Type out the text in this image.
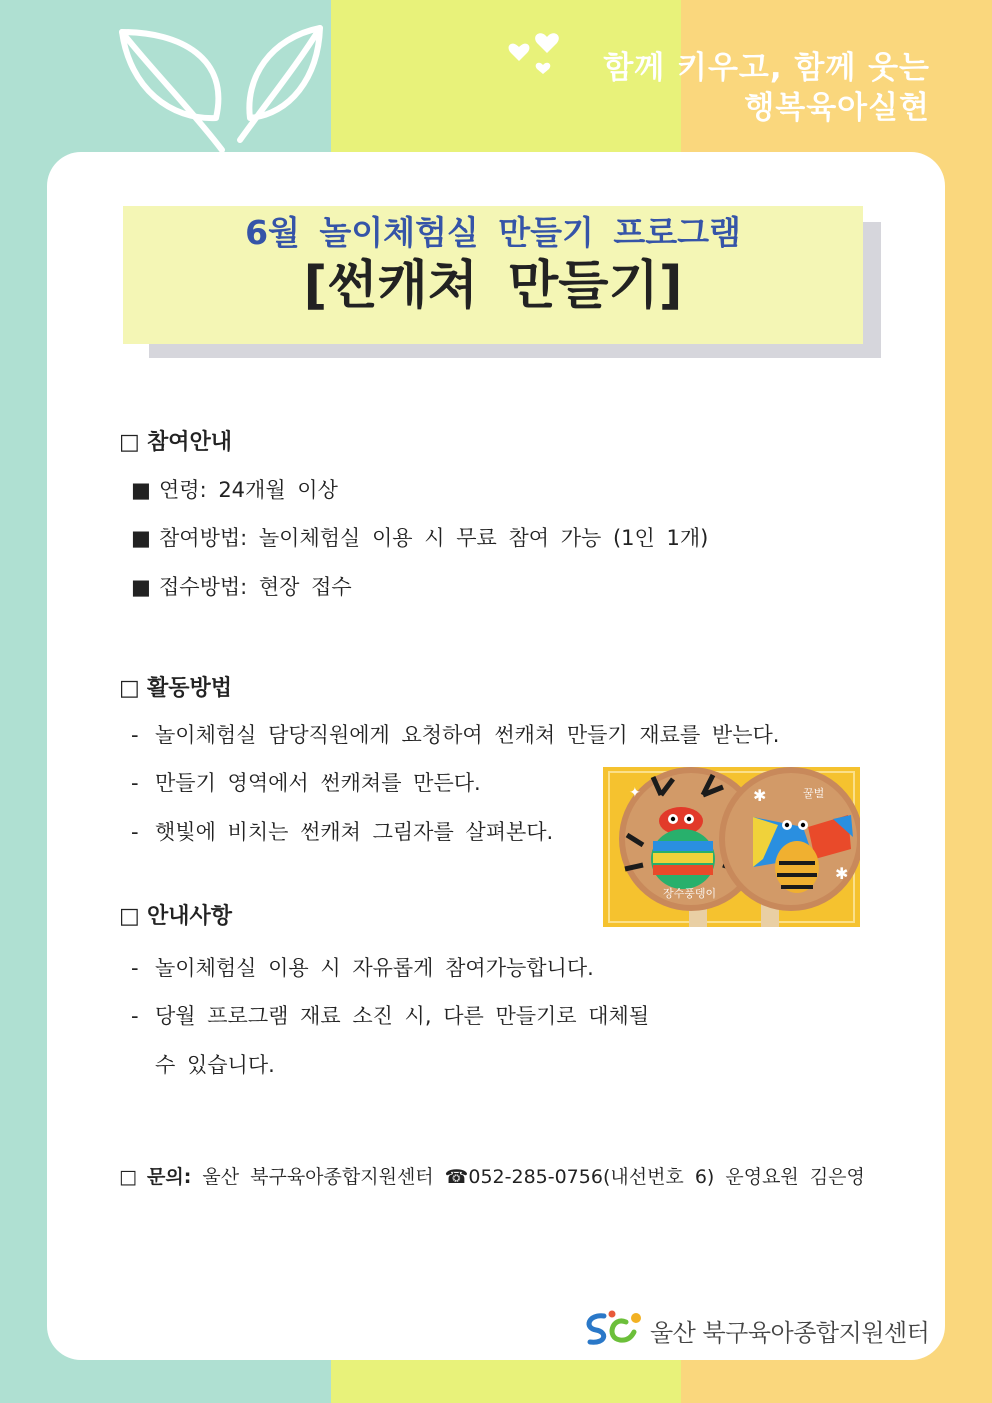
함께 키우고, 함께 웃는
행복육아실현
6월 놀이체험실 만들기 프로그램
[썬캐쳐 만들기]
□ 참여안내
■ 연령: 24개월 이상
■ 참여방법: 놀이체험실 이용 시 무료 참여 가능 (1인 1개)
■ 접수방법: 현장 접수
□ 활동방법
- 놀이체험실 담당직원에게 요청하여 썬캐쳐 만들기 재료를 받는다.
- 만들기 영역에서 썬캐쳐를 만든다.
- 햇빛에 비치는 썬캐쳐 그림자를 살펴본다.
장수풍뎅이
꿀벌
✱
✱
✦
□ 안내사항
- 놀이체험실 이용 시 자유롭게 참여가능합니다.
- 당월 프로그램 재료 소진 시, 다른 만들기로 대체될
수 있습니다.
□ 문의: 울산 북구육아종합지원센터 ☎052-285-0756(내선번호 6) 운영요원 김은영
울산 북구육아종합지원센터
